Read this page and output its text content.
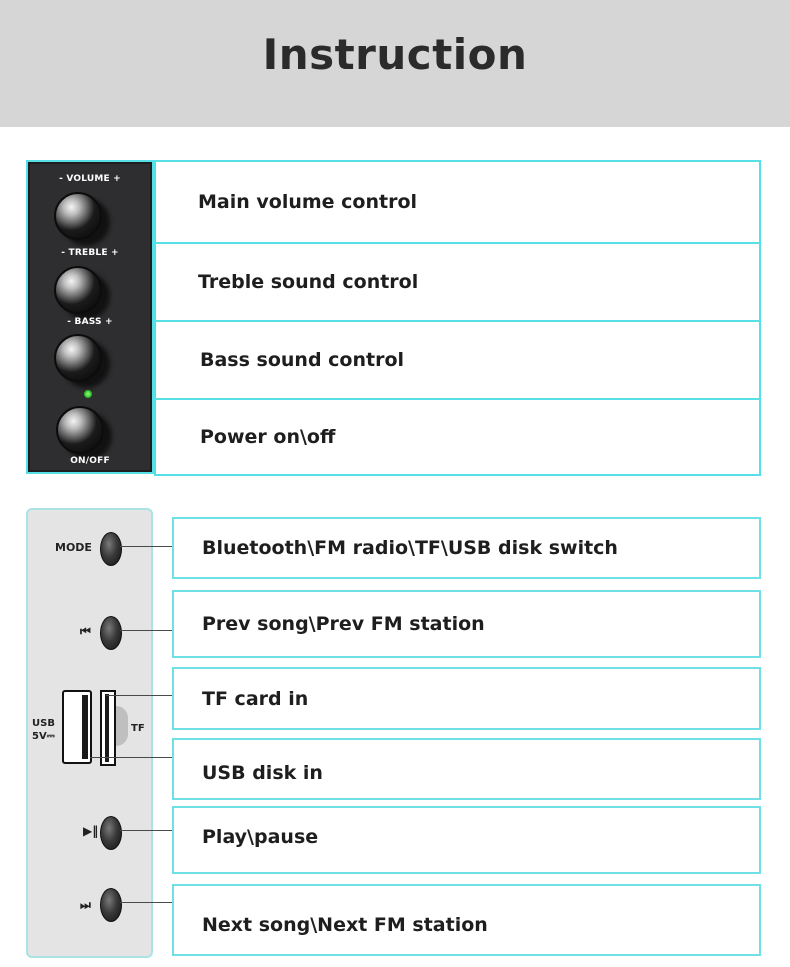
Instruction
- VOLUME +
- TREBLE +
- BASS +
ON/OFF
Main volume control
Treble sound control
Bass sound control
Power on\off
MODE
⏮
USB
5V⎓
TF
▶‖
⏭
Bluetooth\FM radio\TF\USB disk switch
Prev song\Prev FM station
TF card in
USB disk in
Play\pause
Next song\Next FM station
